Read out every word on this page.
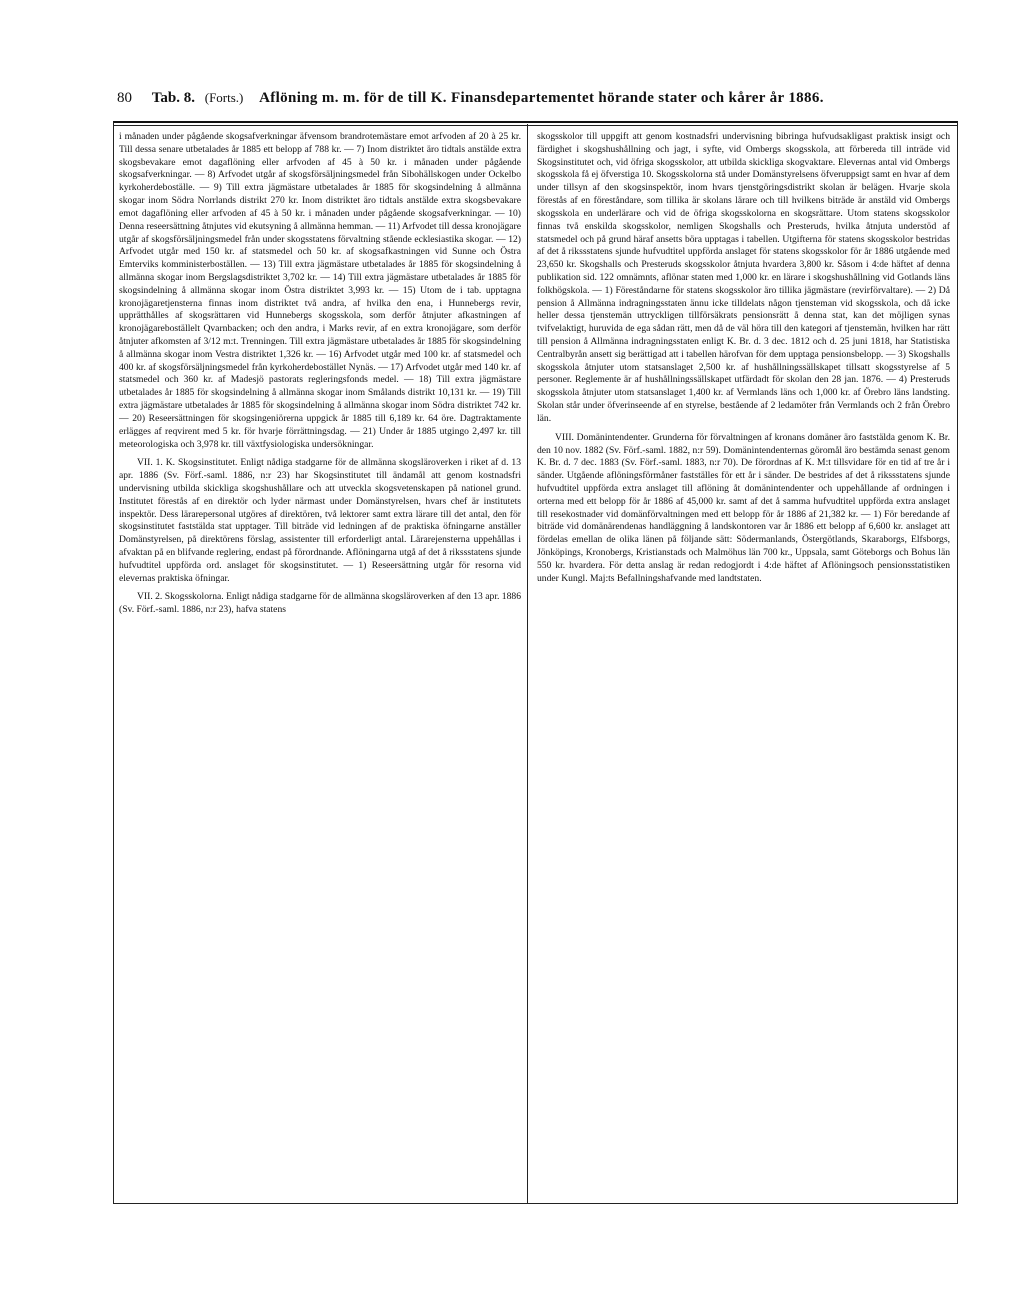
80 Tab. 8. (Forts.) Aflöning m. m. för de till K. Finansdepartementet hörande stater och kårer år 1886.

i månaden under pågående skogsafverkningar äfvensom brandrotemästare emot arfvoden af 20 à 25 kr. Till dessa senare utbetalades år 1885 ett belopp af 788 kr. — 7) Inom distriktet äro tidtals anstälde extra skogsbevakare emot dagaflöning eller arfvoden af 45 à 50 kr. i månaden under pågående skogsafverkningar. — 8) Arfvodet utgår af skogsförsäljningsmedel från Sibohällskogen under Ockelbo kyrkoherdeboställe. — 9) Till extra jägmästare utbetalades år 1885 för skogsindelning å allmänna skogar inom Södra Norrlands distrikt 270 kr. Inom distriktet äro tidtals anstälde extra skogsbevakare emot dagaflöning eller arfvoden af 45 à 50 kr. i månaden under pågående skogsafverkningar. — 10) Denna reseersättning åtnjutes vid ekutsyning å allmänna hemman. — 11) Arfvodet till dessa kronojägare utgår af skogsförsäljningsmedel från under skogsstatens förvaltning stående ecklesiastika skogar. — 12) Arfvodet utgår med 150 kr. af statsmedel och 50 kr. af skogsafkastningen vid Sunne och Östra Emterviks komministerboställen. — 13) Till extra jägmästare utbetalades år 1885 för skogsindelning å allmänna skogar inom Bergslagsdistriktet 3,702 kr. — 14) Till extra jägmästare utbetalades år 1885 för skogsindelning å allmänna skogar inom Östra distriktet 3,993 kr. — 15) Utom de i tab. upptagna kronojägaretjensterna finnas inom distriktet två andra, af hvilka den ena, i Hunnebergs revir, upprätthålles af skogsrättaren vid Hunnebergs skogsskola, som derför åtnjuter afkastningen af kronojägareboställelt Qvarnbacken; och den andra, i Marks revir, af en extra kronojägare, som derför åtnjuter afkomsten af 3/12 m:t. Trenningen. Till extra jägmästare utbetalades år 1885 för skogsindelning å allmänna skogar inom Vestra distriktet 1,326 kr. — 16) Arfvodet utgår med 100 kr. af statsmedel och 400 kr. af skogsförsäljningsmedel från kyrkoherdebostället Nynäs. — 17) Arfvodet utgår med 140 kr. af statsmedel och 360 kr. af Madesjö pastorats regleringsfonds medel. — 18) Till extra jägmästare utbetalades år 1885 för skogsindelning å allmänna skogar inom Smålands distrikt 10,131 kr. — 19) Till extra jägmästare utbetalades år 1885 för skogsindelning å allmänna skogar inom Södra distriktet 742 kr. — 20) Reseersättningen för skogsingeniörerna uppgick år 1885 till 6,189 kr. 64 öre. Dagtraktamente erlägges af reqvirent med 5 kr. för hvarje förrättningsdag. — 21) Under år 1885 utgingo 2,497 kr. till meteorologiska och 3,978 kr. till växtfysiologiska undersökningar.

VII. 1. K. Skogsinstitutet. Enligt nådiga stadgarne för de allmänna skogsläroverken i riket af d. 13 apr. 1886 (Sv. Förf.-saml. 1886, n:r 23) har Skogsinstitutet till ändamål att genom kostnadsfri undervisning utbilda skickliga skogshushållare och att utveckla skogsvetenskapen på nationel grund. Institutet förestås af en direktör och lyder närmast under Domänstyrelsen, hvars chef är institutets inspektör. Dess lärarepersonal utgöres af direktören, två lektorer samt extra lärare till det antal, den för skogsinstitutet faststälda stat upptager. Till biträde vid ledningen af de praktiska öfningarne anställer Domänstyrelsen, på direktörens förslag, assistenter till erforderligt antal. Lärarejensterna uppehållas i afvaktan på en blifvande reglering, endast på förordnande. Aflöningarna utgå af det å rikssstatens sjunde hufvudtitel uppförda ord. anslaget för skogsinstitutet. — 1) Reseersättning utgår för resorna vid elevernas praktiska öfningar.

VII. 2. Skogsskolorna. Enligt nådiga stadgarne för de allmänna skogsläroverken af den 13 apr. 1886 (Sv. Förf.-saml. 1886, n:r 23), hafva statens

skogsskolor till uppgift att genom kostnadsfri undervisning bibringa hufvudsakligast praktisk insigt och färdighet i skogshushållning och jagt, i syfte, vid Ombergs skogsskola, att förbereda till inträde vid Skogsinstitutet och, vid öfriga skogsskolor, att utbilda skickliga skogvaktare. Elevernas antal vid Ombergs skogsskola få ej öfverstiga 10. Skogsskolorna stå under Domänstyrelsens öfveruppsigt samt en hvar af dem under tillsyn af den skogsinspektör, inom hvars tjenstgöringsdistrikt skolan är belägen. Hvarje skola förestås af en föreståndare, som tillika är skolans lärare och till hvilkens biträde är anstäld vid Ombergs skogsskola en underlärare och vid de öfriga skogsskolorna en skogsrättare. Utom statens skogsskolor finnas två enskilda skogsskolor, nemligen Skogshalls och Presteruds, hvilka åtnjuta understöd af statsmedel och på grund häraf ansetts böra upptagas i tabellen. Utgifterna för statens skogsskolor bestridas af det å rikssstatens sjunde hufvudtitel uppförda anslaget för statens skogsskolor för år 1886 utgående med 23,650 kr. Skogshalls och Presteruds skogsskolor åtnjuta hvardera 3,800 kr. Såsom i 4:de häftet af denna publikation sid. 122 omnämnts, aflönar staten med 1,000 kr. en lärare i skogshushållning vid Gotlands läns folkhögskola. — 1) Föreståndarne för statens skogsskolor äro tillika jägmästare (revirförvaltare). — 2) Då pension å Allmänna indragningsstaten ännu icke tilldelats någon tjensteman vid skogsskola, och då icke heller dessa tjenstemän uttryckligen tillförsäkrats pensionsrätt å denna stat, kan det möjligen synas tvifvelaktigt, huruvida de ega sådan rätt, men då de väl höra till den kategori af tjenstemän, hvilken har rätt till pension å Allmänna indragningsstaten enligt K. Br. d. 3 dec. 1812 och d. 25 juni 1818, har Statistiska Centralbyrån ansett sig berättigad att i tabellen härofvan för dem upptaga pensionsbelopp. — 3) Skogshalls skogsskola åtnjuter utom statsanslaget 2,500 kr. af hushållningssällskapet tillsatt skogsstyrelse af 5 personer. Reglemente är af hushållningssällskapet utfärdadt för skolan den 28 jan. 1876. — 4) Presteruds skogsskola åtnjuter utom statsanslaget 1,400 kr. af Vermlands läns och 1,000 kr. af Örebro läns landsting. Skolan står under öfverinseende af en styrelse, bestående af 2 ledamöter från Vermlands och 2 från Örebro län.

VIII. Domänintendenter. Grunderna för förvaltningen af kronans domäner äro faststälda genom K. Br. den 10 nov. 1882 (Sv. Förf.-saml. 1882, n:r 59). Domänintendenternas göromål äro bestämda senast genom K. Br. d. 7 dec. 1883 (Sv. Förf.-saml. 1883, n:r 70). De förordnas af K. M:t tillsvidare för en tid af tre år i sänder. Utgående aflöningsförmåner fastställes för ett år i sänder. De bestrides af det å rikssstatens sjunde hufvudtitel uppförda extra anslaget till aflöning åt domänintendenter och uppehållande af ordningen i orterna med ett belopp för år 1886 af 45,000 kr. samt af det å samma hufvudtitel uppförda extra anslaget till resekostnader vid domänförvaltningen med ett belopp för år 1886 af 21,382 kr. — 1) För beredande af biträde vid domänärendenas handläggning å landskontoren var år 1886 ett belopp af 6,600 kr. anslaget att fördelas emellan de olika länen på följande sätt: Södermanlands, Östergötlands, Skaraborgs, Elfsborgs, Jönköpings, Kronobergs, Kristianstads och Malmöhus län 700 kr., Uppsala, samt Göteborgs och Bohus län 550 kr. hvardera. För detta anslag är redan redogjordt i 4:de häftet af Aflöningsoch pensionsstatistiken under Kungl. Maj:ts Befallningshafvande med landtstaten.
